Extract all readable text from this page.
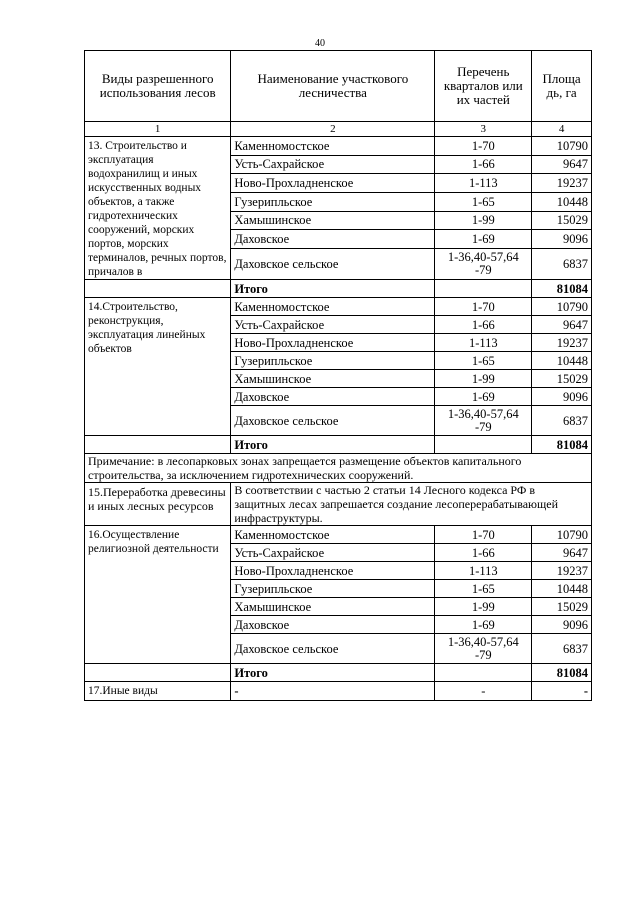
40
Виды разрешенного использования лесов	Наименование участкового лесничества	Перечень кварталов или их частей	Площа дь, га
1	2	3	4
13. Строительство и эксплуатация водохранилищ и иных искусственных водных объектов, а также гидротехнических сооружений, морских портов, морских терминалов, речных портов, причалов в	Каменномостское	1-70	10790
	Усть-Сахрайское	1-66	9647
	Ново-Прохладненское	1-113	19237
	Гузерипльское	1-65	10448
	Хамышинское	1-99	15029
	Даховское	1-69	9096
	Даховское сельское	1-36,40-57,64 -79	6837
	Итого		81084
14.Строительство, реконструкция, эксплуатация линейных объектов	Каменномостское	1-70	10790
	Усть-Сахрайское	1-66	9647
	Ново-Прохладненское	1-113	19237
	Гузерипльское	1-65	10448
	Хамышинское	1-99	15029
	Даховское	1-69	9096
	Даховское сельское	1-36,40-57,64 -79	6837
	Итого		81084
Примечание: в лесопарковых зонах запрещается размещение объектов капитального строительства, за исключением гидротехнических сооружений.			
15.Переработка древесины и иных лесных ресурсов	В соответствии с частью 2 статьи 14 Лесного кодекса РФ в защитных лесах запрешается создание лесоперерабатывающей инфраструктуры.		
16.Осуществление религиозной деятельности	Каменномостское	1-70	10790
	Усть-Сахрайское	1-66	9647
	Ново-Прохладненское	1-113	19237
	Гузерипльское	1-65	10448
	Хамышинское	1-99	15029
	Даховское	1-69	9096
	Даховское сельское	1-36,40-57,64 -79	6837
	Итого		81084
17.Иные виды	-	-	-
